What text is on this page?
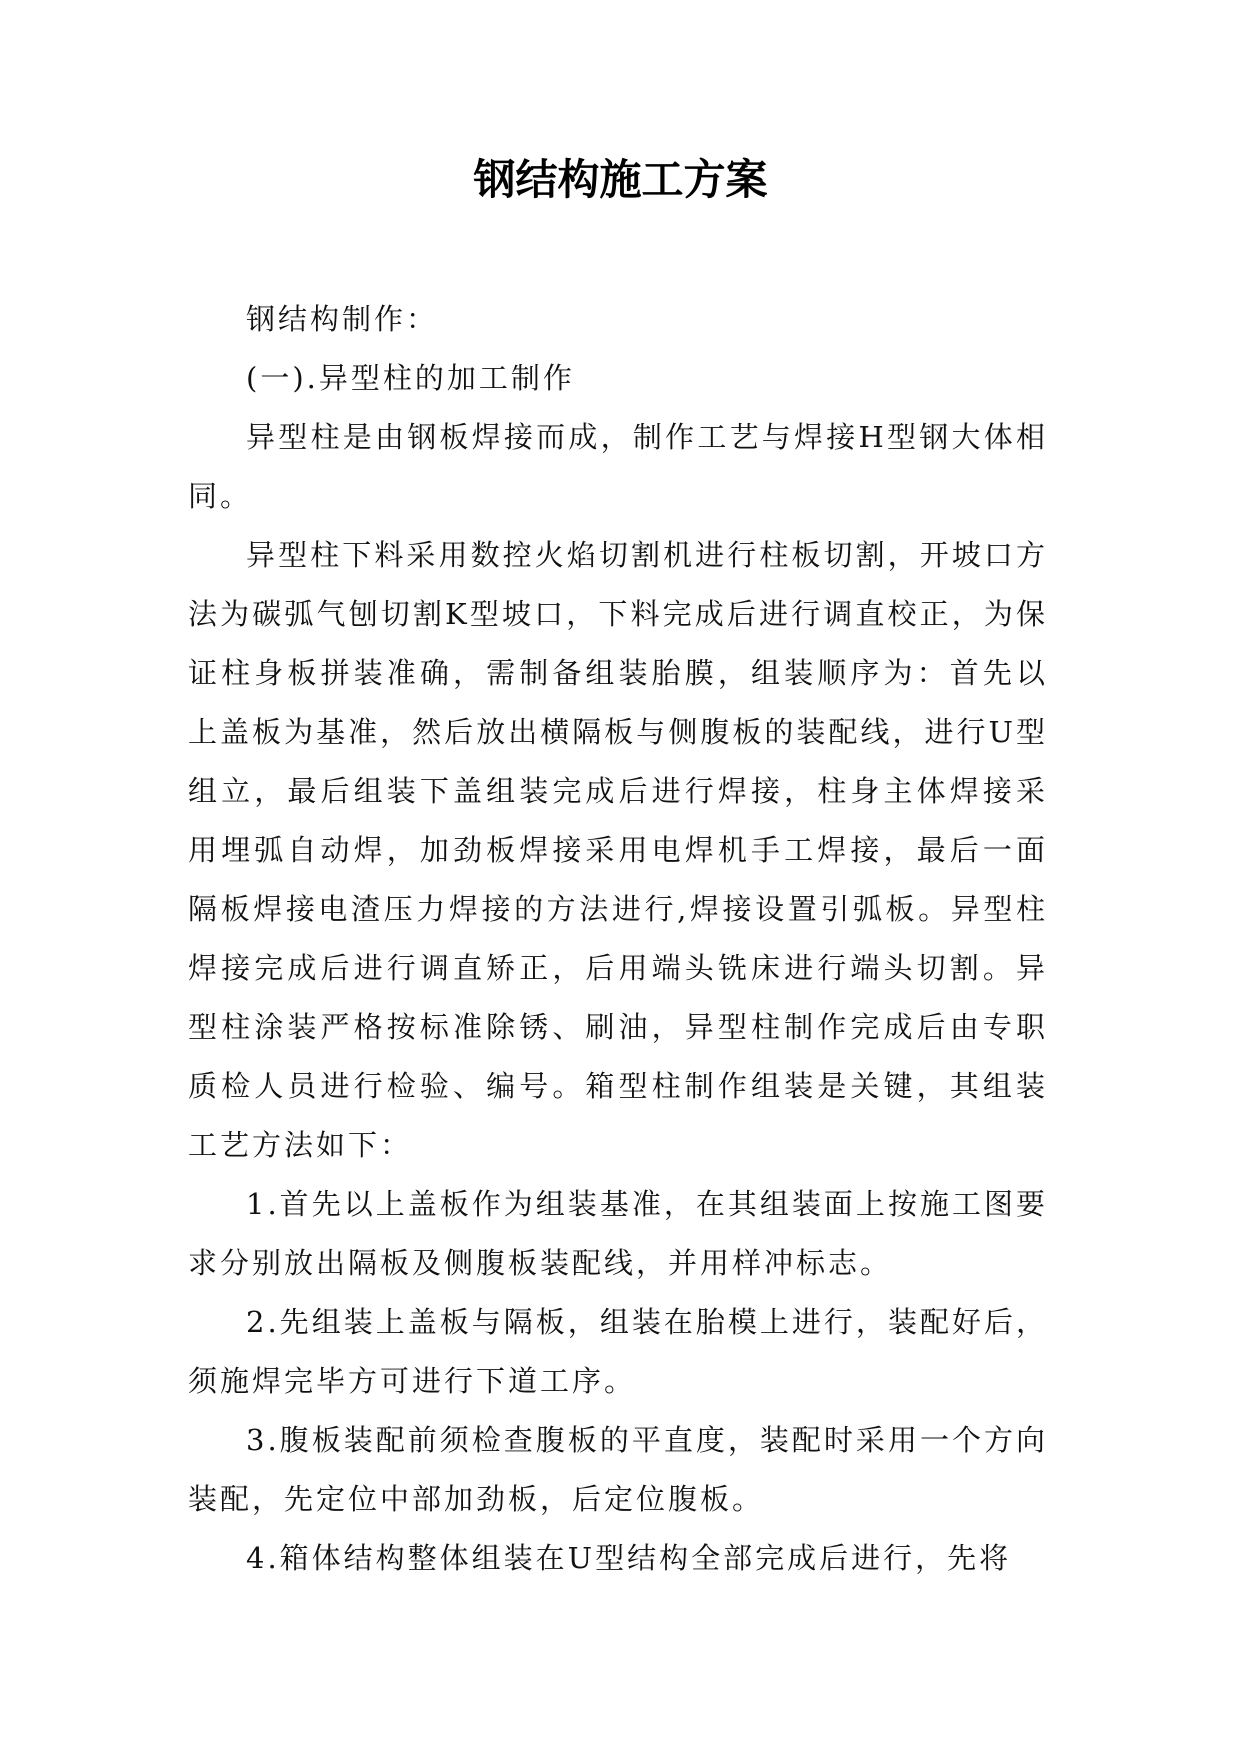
钢结构施工方案

钢结构制作：

(一).异型柱的加工制作

异型柱是由钢板焊接而成，制作工艺与焊接H型钢大体相同。

异型柱下料采用数控火焰切割机进行柱板切割，开坡口方法为碳弧气刨切割K型坡口，下料完成后进行调直校正，为保证柱身板拼装准确，需制备组装胎膜，组装顺序为：首先以上盖板为基准，然后放出横隔板与侧腹板的装配线，进行U型组立，最后组装下盖组装完成后进行焊接，柱身主体焊接采用埋弧自动焊，加劲板焊接采用电焊机手工焊接，最后一面隔板焊接电渣压力焊接的方法进行,焊接设置引弧板。异型柱焊接完成后进行调直矫正，后用端头铣床进行端头切割。异型柱涂装严格按标准除锈、刷油，异型柱制作完成后由专职质检人员进行检验、编号。箱型柱制作组装是关键，其组装工艺方法如下：

1.首先以上盖板作为组装基准，在其组装面上按施工图要求分别放出隔板及侧腹板装配线，并用样冲标志。

2.先组装上盖板与隔板，组装在胎模上进行，装配好后，须施焊完毕方可进行下道工序。

3.腹板装配前须检查腹板的平直度，装配时采用一个方向装配，先定位中部加劲板，后定位腹板。

4.箱体结构整体组装在U型结构全部完成后进行，先将
